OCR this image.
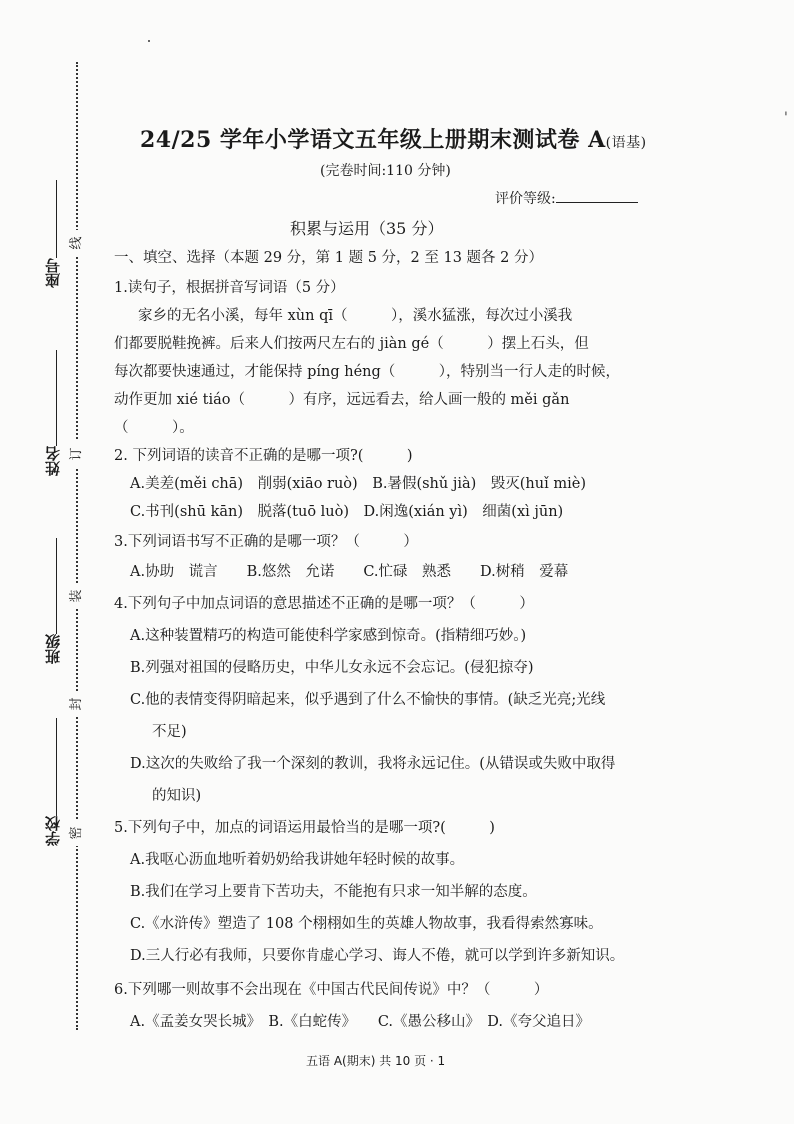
'
座号
姓名
班级
学校
线
订
装
封
密
24/25 学年小学语文五年级上册期末测试卷 A(语基)
(完卷时间:110 分钟)
评价等级:
积累与运用（35 分）
一、填空、选择（本题 29 分，第 1 题 5 分，2 至 13 题各 2 分）
1.读句子，根据拼音写词语（5 分）
家乡的无名小溪，每年 xùn qī（　　　），溪水猛涨，每次过小溪我
们都要脱鞋挽裤。后来人们按两尺左右的 jiàn gé（　　　）摆上石头，但
每次都要快速通过，才能保持 píng héng（　　　），特别当一行人走的时候，
动作更加 xié tiáo（　　　）有序，远远看去，给人画一般的 měi gǎn
（　　　）。
2. 下列词语的读音不正确的是哪一项?(　　　)
A.美差(měi chā)　削弱(xiāo ruò)　B.暑假(shǔ jià)　毁灭(huǐ miè)
C.书刊(shū kān)　脱落(tuō luò)　D.闲逸(xián yì)　细菌(xì jūn)
3.下列词语书写不正确的是哪一项？（　　　）
A.协助　谎言　　B.悠然　允诺　　C.忙碌　熟悉　　D.树稍　爱幕
4.下列句子中加点词语的意思描述不正确的是哪一项？（　　　）
A.这种装置精巧的构造可能使科学家感到惊奇。(指精细巧妙。)
B.列强对祖国的侵略历史，中华儿女永远不会忘记。(侵犯掠夺)
C.他的表情变得阴暗起来，似乎遇到了什么不愉快的事情。(缺乏光亮;光线
不足)
D.这次的失败给了我一个深刻的教训，我将永远记住。(从错误或失败中取得
的知识)
5.下列句子中，加点的词语运用最恰当的是哪一项?(　　　)
A.我呕心沥血地听着奶奶给我讲她年轻时候的故事。
B.我们在学习上要肯下苦功夫，不能抱有只求一知半解的态度。
C.《水浒传》塑造了 108 个栩栩如生的英雄人物故事，我看得索然寡味。
D.三人行必有我师，只要你肯虚心学习、诲人不倦，就可以学到许多新知识。
6.下列哪一则故事不会出现在《中国古代民间传说》中？（　　　）
A.《孟姜女哭长城》　B.《白蛇传》　　C.《愚公移山》　D.《夸父追日》
五语 A(期末) 共 10 页 · 1
